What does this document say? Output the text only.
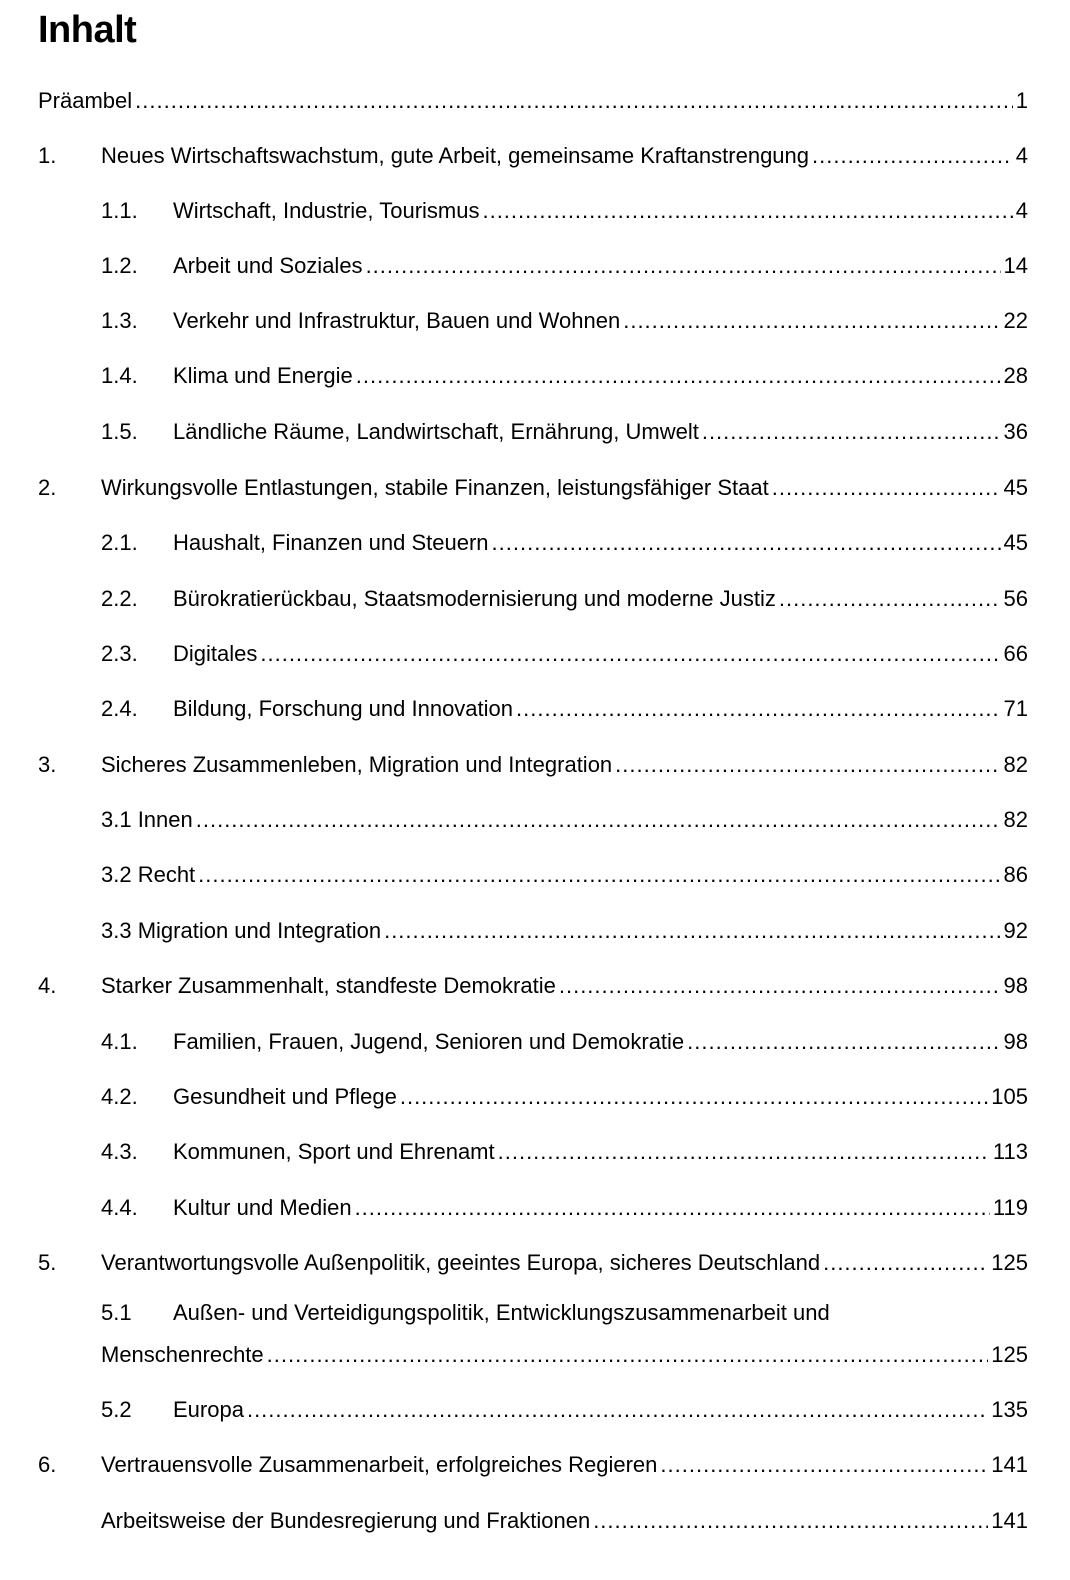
Inhalt
Präambel .....	1
1. Neues Wirtschaftswachstum, gute Arbeit, gemeinsame Kraftanstrengung .....	4
1.1. Wirtschaft, Industrie, Tourismus .....	4
1.2. Arbeit und Soziales .....	14
1.3. Verkehr und Infrastruktur, Bauen und Wohnen .....	22
1.4. Klima und Energie .....	28
1.5. Ländliche Räume, Landwirtschaft, Ernährung, Umwelt .....	36
2. Wirkungsvolle Entlastungen, stabile Finanzen, leistungsfähiger Staat .....	45
2.1. Haushalt, Finanzen und Steuern .....	45
2.2. Bürokratierückbau, Staatsmodernisierung und moderne Justiz .....	56
2.3. Digitales .....	66
2.4. Bildung, Forschung und Innovation .....	71
3. Sicheres Zusammenleben, Migration und Integration .....	82
3.1 Innen .....	82
3.2 Recht .....	86
3.3 Migration und Integration .....	92
4. Starker Zusammenhalt, standfeste Demokratie .....	98
4.1. Familien, Frauen, Jugend, Senioren und Demokratie .....	98
4.2. Gesundheit und Pflege .....	105
4.3. Kommunen, Sport und Ehrenamt .....	113
4.4. Kultur und Medien .....	119
5. Verantwortungsvolle Außenpolitik, geeintes Europa, sicheres Deutschland .....	125
5.1 Außen- und Verteidigungspolitik, Entwicklungszusammenarbeit und
Menschenrechte .....	125
5.2 Europa .....	135
6. Vertrauensvolle Zusammenarbeit, erfolgreiches Regieren .....	141
Arbeitsweise der Bundesregierung und Fraktionen .....	141
